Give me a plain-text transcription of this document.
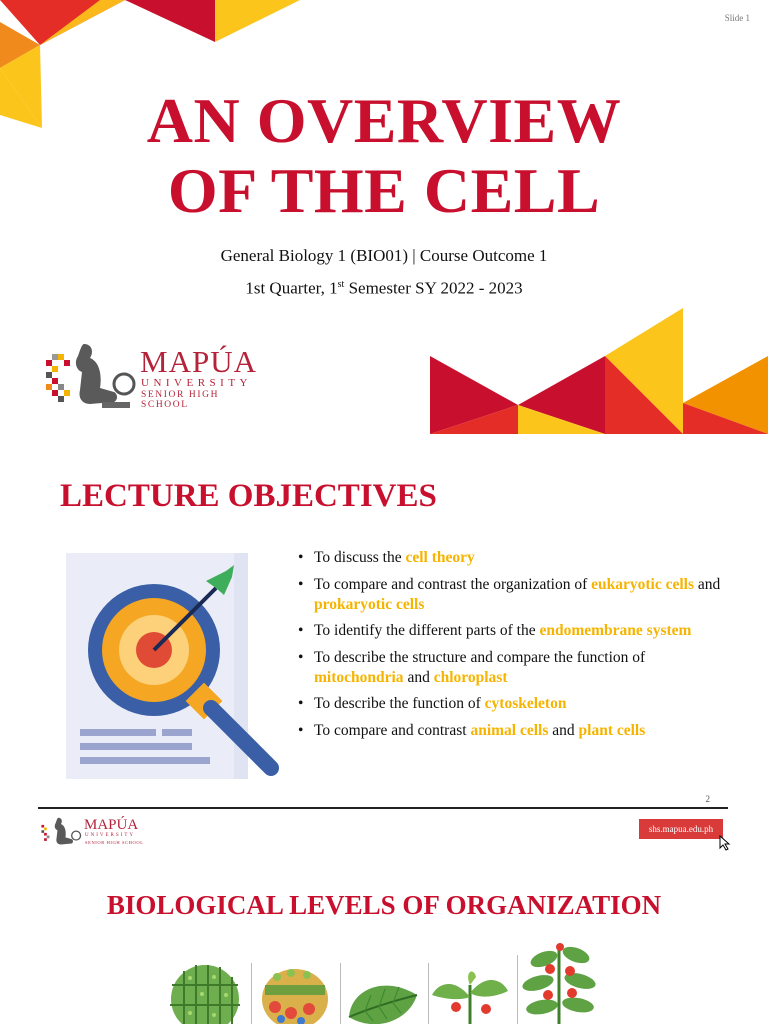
Slide 1
AN OVERVIEW
OF THE CELL
General Biology 1 (BIO01) | Course Outcome 1
1st Quarter, 1st Semester SY 2022 - 2023
MAPÚA
UNIVERSITY
SENIOR HIGH SCHOOL
LECTURE OBJECTIVES
• To discuss the cell theory
• To compare and contrast the organization of eukaryotic cells and prokaryotic cells
• To identify the different parts of the endomembrane system
• To describe the structure and compare the function of mitochondria and chloroplast
• To describe the function of cytoskeleton
• To compare and contrast animal cells and plant cells
2
MAPÚA
UNIVERSITY
SENIOR HIGH SCHOOL
shs.mapua.edu.ph
BIOLOGICAL LEVELS OF ORGANIZATION
